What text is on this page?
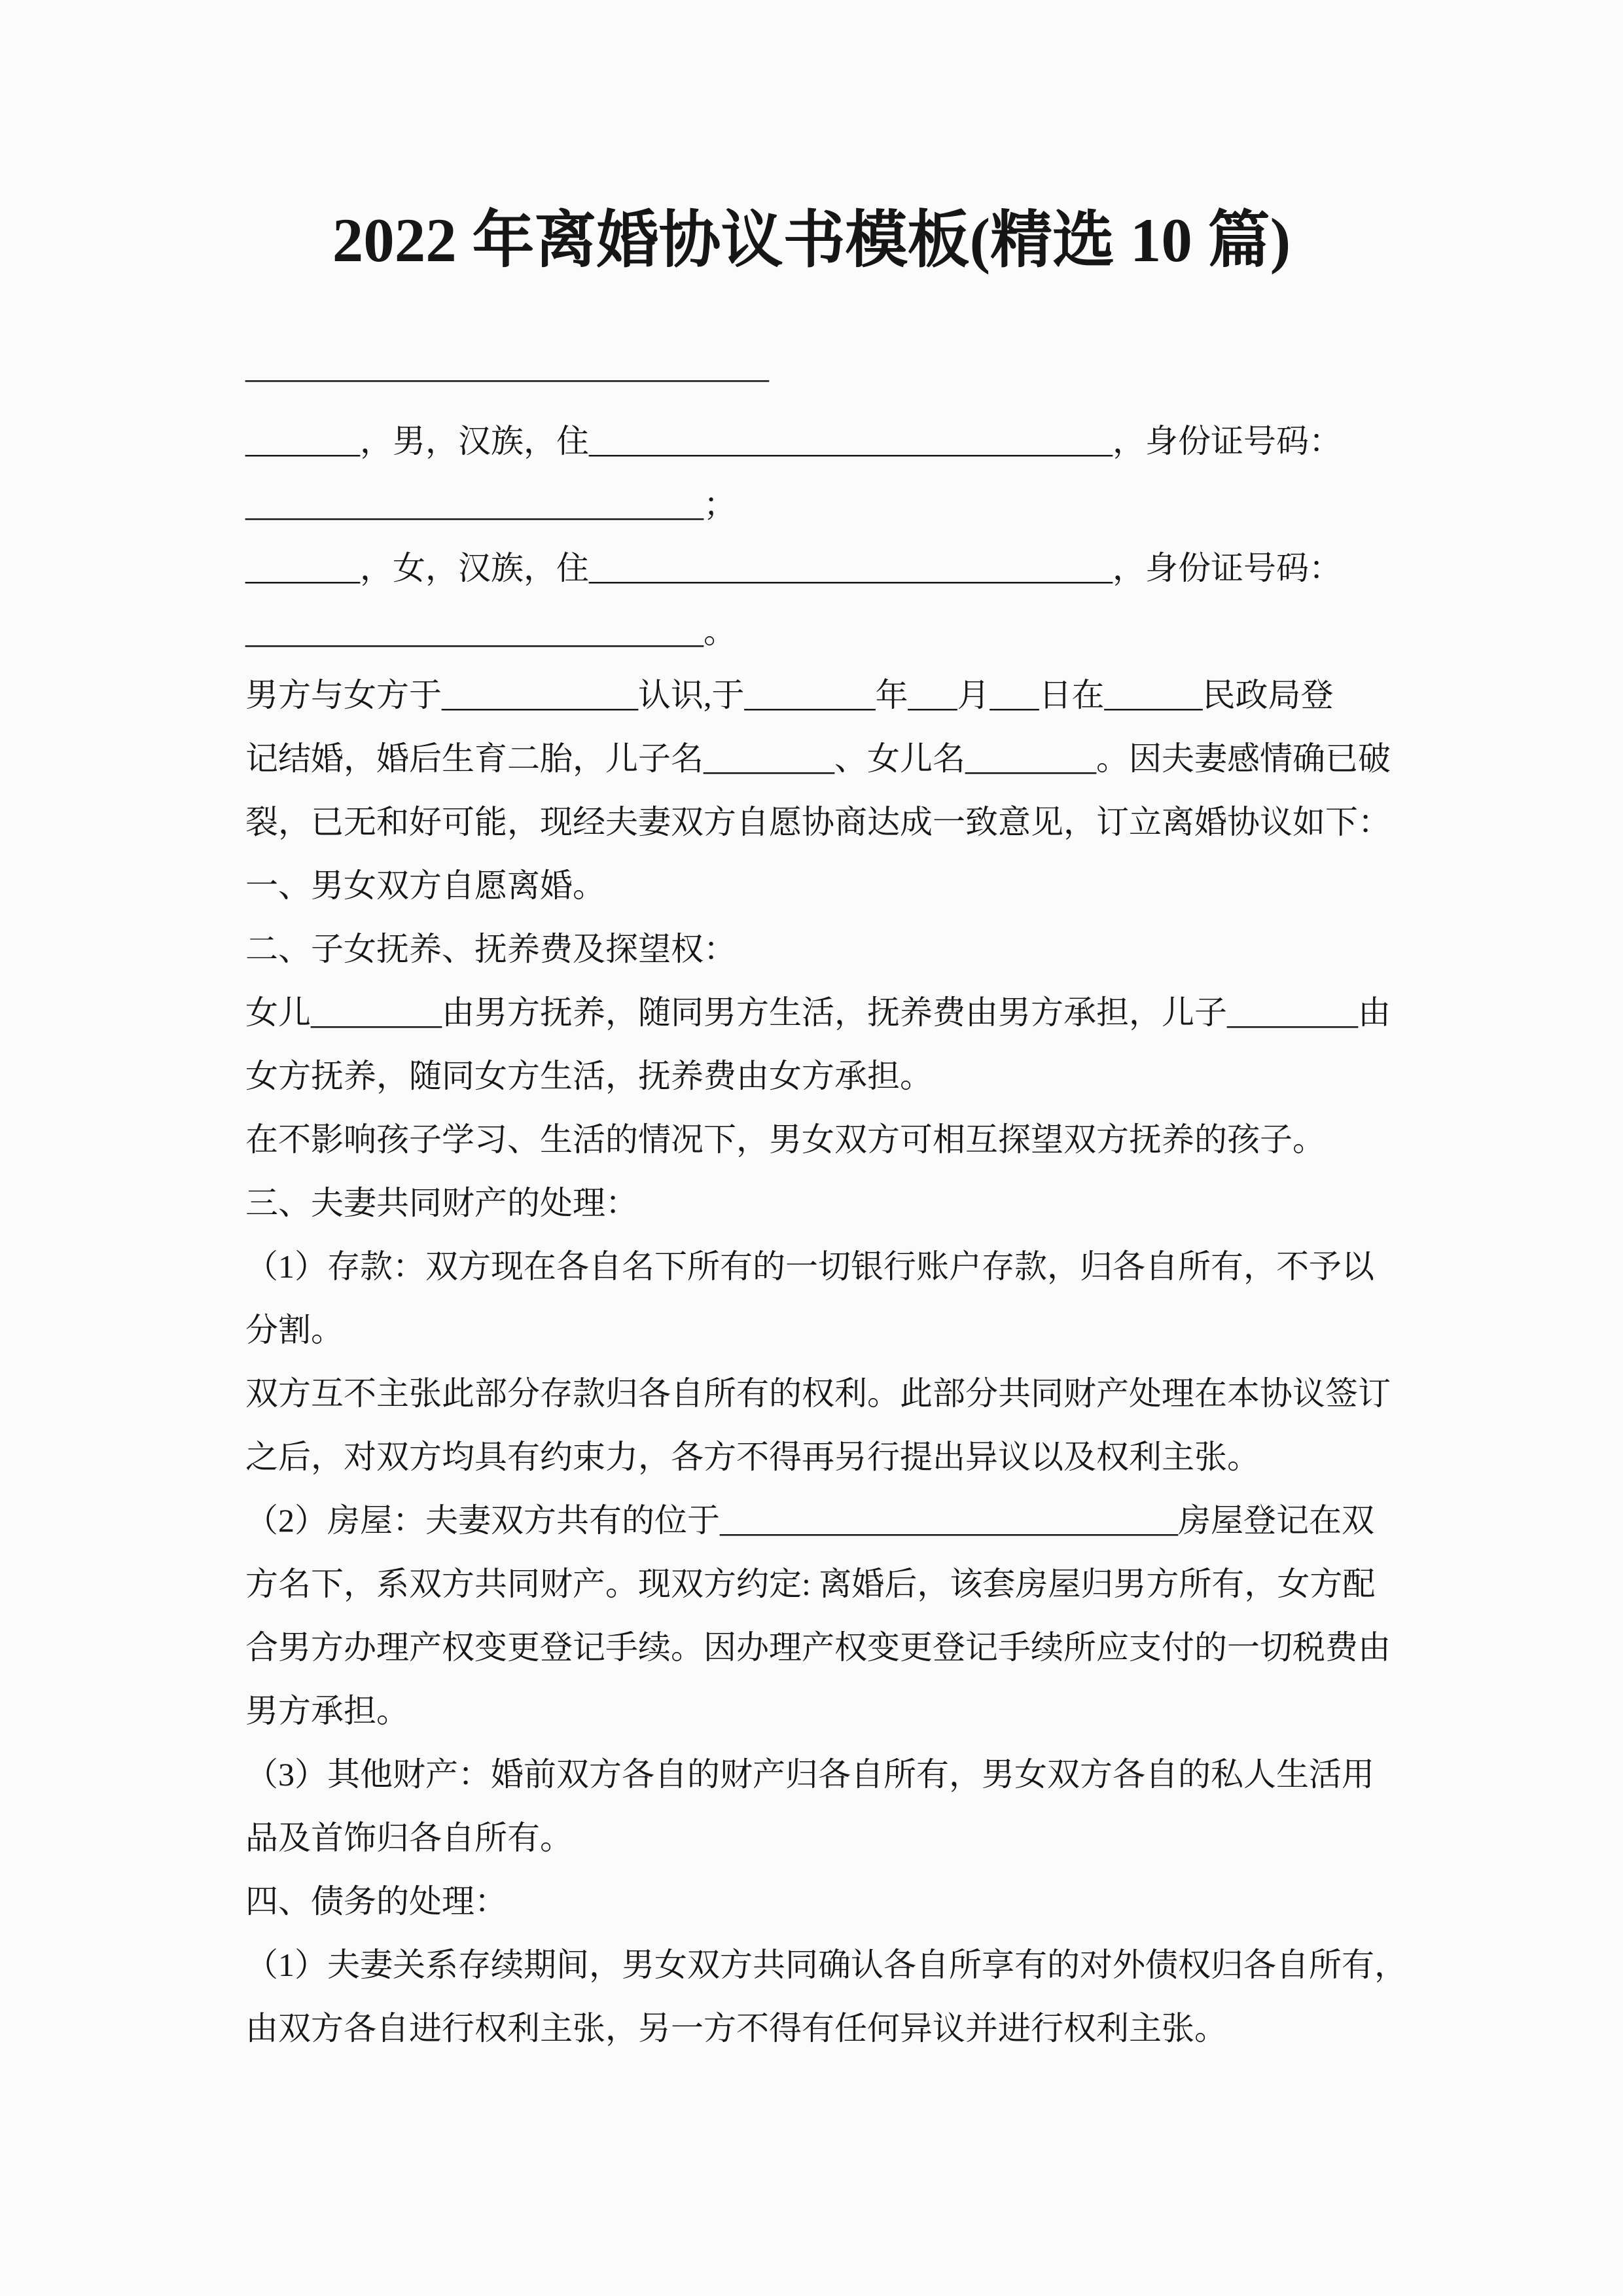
2022 年离婚协议书模板(精选 10 篇)
————————————————
_______，男，汉族，住________________________________，身份证号码：
____________________________；
_______，女，汉族，住________________________________，身份证号码：
____________________________。
男方与女方于____________认识,于________年___月___日在______民政局登
记结婚，婚后生育二胎，儿子名________、女儿名________。因夫妻感情确已破
裂，已无和好可能，现经夫妻双方自愿协商达成一致意见，订立离婚协议如下：
一、男女双方自愿离婚。
二、子女抚养、抚养费及探望权：
女儿________由男方抚养，随同男方生活，抚养费由男方承担，儿子________由
女方抚养，随同女方生活，抚养费由女方承担。
在不影响孩子学习、生活的情况下，男女双方可相互探望双方抚养的孩子。
三、夫妻共同财产的处理：
（1）存款：双方现在各自名下所有的一切银行账户存款，归各自所有，不予以
分割。
双方互不主张此部分存款归各自所有的权利。此部分共同财产处理在本协议签订
之后，对双方均具有约束力，各方不得再另行提出异议以及权利主张。
（2）房屋：夫妻双方共有的位于____________________________房屋登记在双
方名下，系双方共同财产。现双方约定: 离婚后，该套房屋归男方所有，女方配
合男方办理产权变更登记手续。因办理产权变更登记手续所应支付的一切税费由
男方承担。
（3）其他财产：婚前双方各自的财产归各自所有，男女双方各自的私人生活用
品及首饰归各自所有。
四、债务的处理：
（1）夫妻关系存续期间，男女双方共同确认各自所享有的对外债权归各自所有，
由双方各自进行权利主张，另一方不得有任何异议并进行权利主张。
